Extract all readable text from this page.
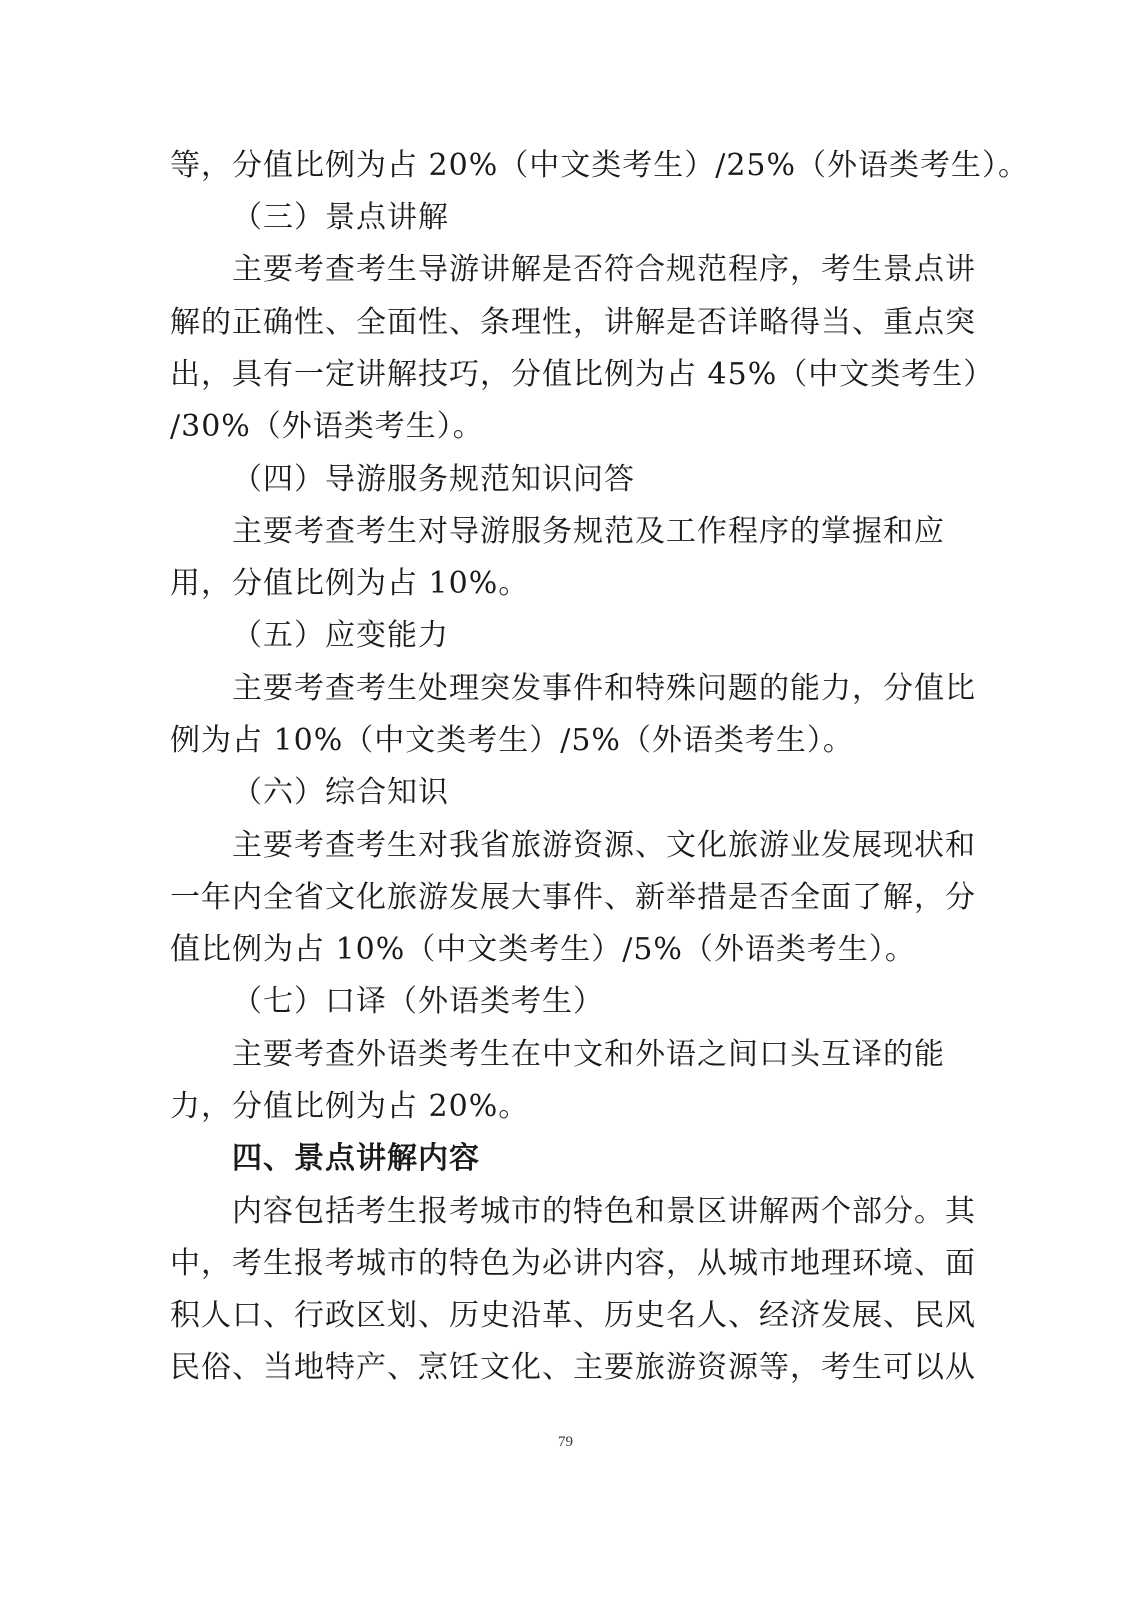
等，分值比例为占 20%（中文类考生）/25%（外语类考生）。
（三）景点讲解
主要考查考生导游讲解是否符合规范程序，考生景点讲
解的正确性、全面性、条理性，讲解是否详略得当、重点突
出，具有一定讲解技巧，分值比例为占 45%（中文类考生）
/30%（外语类考生）。
（四）导游服务规范知识问答
主要考查考生对导游服务规范及工作程序的掌握和应
用，分值比例为占 10%。
（五）应变能力
主要考查考生处理突发事件和特殊问题的能力，分值比
例为占 10%（中文类考生）/5%（外语类考生）。
（六）综合知识
主要考查考生对我省旅游资源、文化旅游业发展现状和
一年内全省文化旅游发展大事件、新举措是否全面了解，分
值比例为占 10%（中文类考生）/5%（外语类考生）。
（七）口译（外语类考生）
主要考查外语类考生在中文和外语之间口头互译的能
力，分值比例为占 20%。
四、景点讲解内容
内容包括考生报考城市的特色和景区讲解两个部分。其
中，考生报考城市的特色为必讲内容，从城市地理环境、面
积人口、行政区划、历史沿革、历史名人、经济发展、民风
民俗、当地特产、烹饪文化、主要旅游资源等，考生可以从
79
